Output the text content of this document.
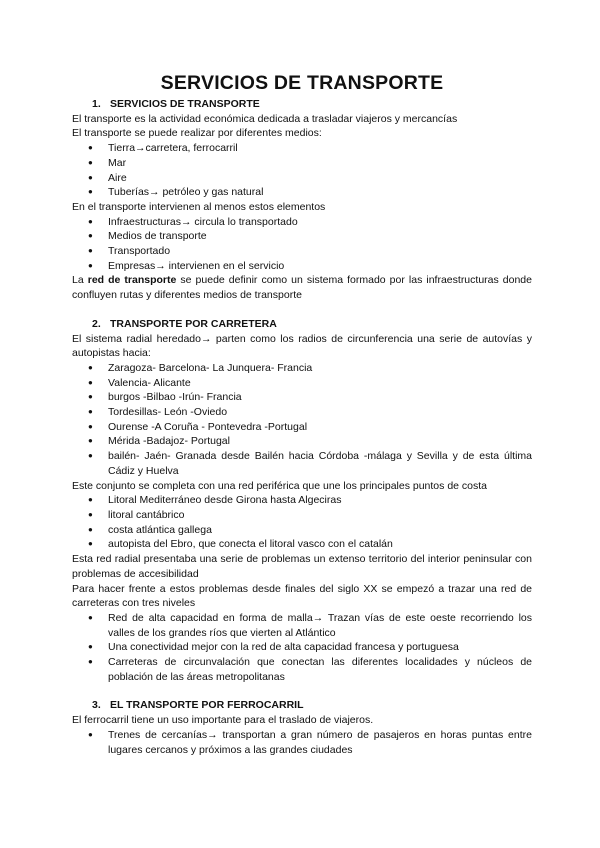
SERVICIOS DE TRANSPORTE
1. SERVICIOS DE TRANSPORTE

El transporte es la actividad económica dedicada a trasladar viajeros y mercancías

El transporte se puede realizar por diferentes medios:

● Tierra→carretera, ferrocarril
● Mar
● Aire
● Tuberías→ petróleo y gas natural

En el transporte intervienen al menos estos elementos

● Infraestructuras→ circula lo transportado
● Medios de transporte
● Transportado
● Empresas→ intervienen en el servicio

La red de transporte se puede definir como un sistema formado por las infraestructuras donde confluyen rutas y diferentes medios de transporte

2. TRANSPORTE POR CARRETERA

El sistema radial heredado→ parten como los radios de circunferencia una serie de autovías y autopistas hacia:

● Zaragoza- Barcelona- La Junquera- Francia
● Valencia- Alicante
● burgos -Bilbao -Irún- Francia
● Tordesillas- León -Oviedo
● Ourense -A Coruña - Pontevedra -Portugal
● Mérida -Badajoz- Portugal
● bailén- Jaén- Granada desde Bailén hacia Córdoba -málaga y Sevilla y de esta última Cádiz y Huelva

Este conjunto se completa con una red periférica que une los principales puntos de costa

● Litoral Mediterráneo desde Girona hasta Algeciras
● litoral cantábrico
● costa atlántica gallega
● autopista del Ebro, que conecta el litoral vasco con el catalán

Esta red radial presentaba una serie de problemas un extenso territorio del interior peninsular con problemas de accesibilidad

Para hacer frente a estos problemas desde finales del siglo XX se empezó a trazar una red de carreteras con tres niveles

● Red de alta capacidad en forma de malla→ Trazan vías de este oeste recorriendo los valles de los grandes ríos que vierten al Atlántico
● Una conectividad mejor con la red de alta capacidad francesa y portuguesa
● Carreteras de circunvalación que conectan las diferentes localidades y núcleos de población de las áreas metropolitanas
3. EL TRANSPORTE POR FERROCARRIL

El ferrocarril tiene un uso importante para el traslado de viajeros.

● Trenes de cercanías→ transportan a gran número de pasajeros en horas puntas entre lugares cercanos y próximos a las grandes ciudades
